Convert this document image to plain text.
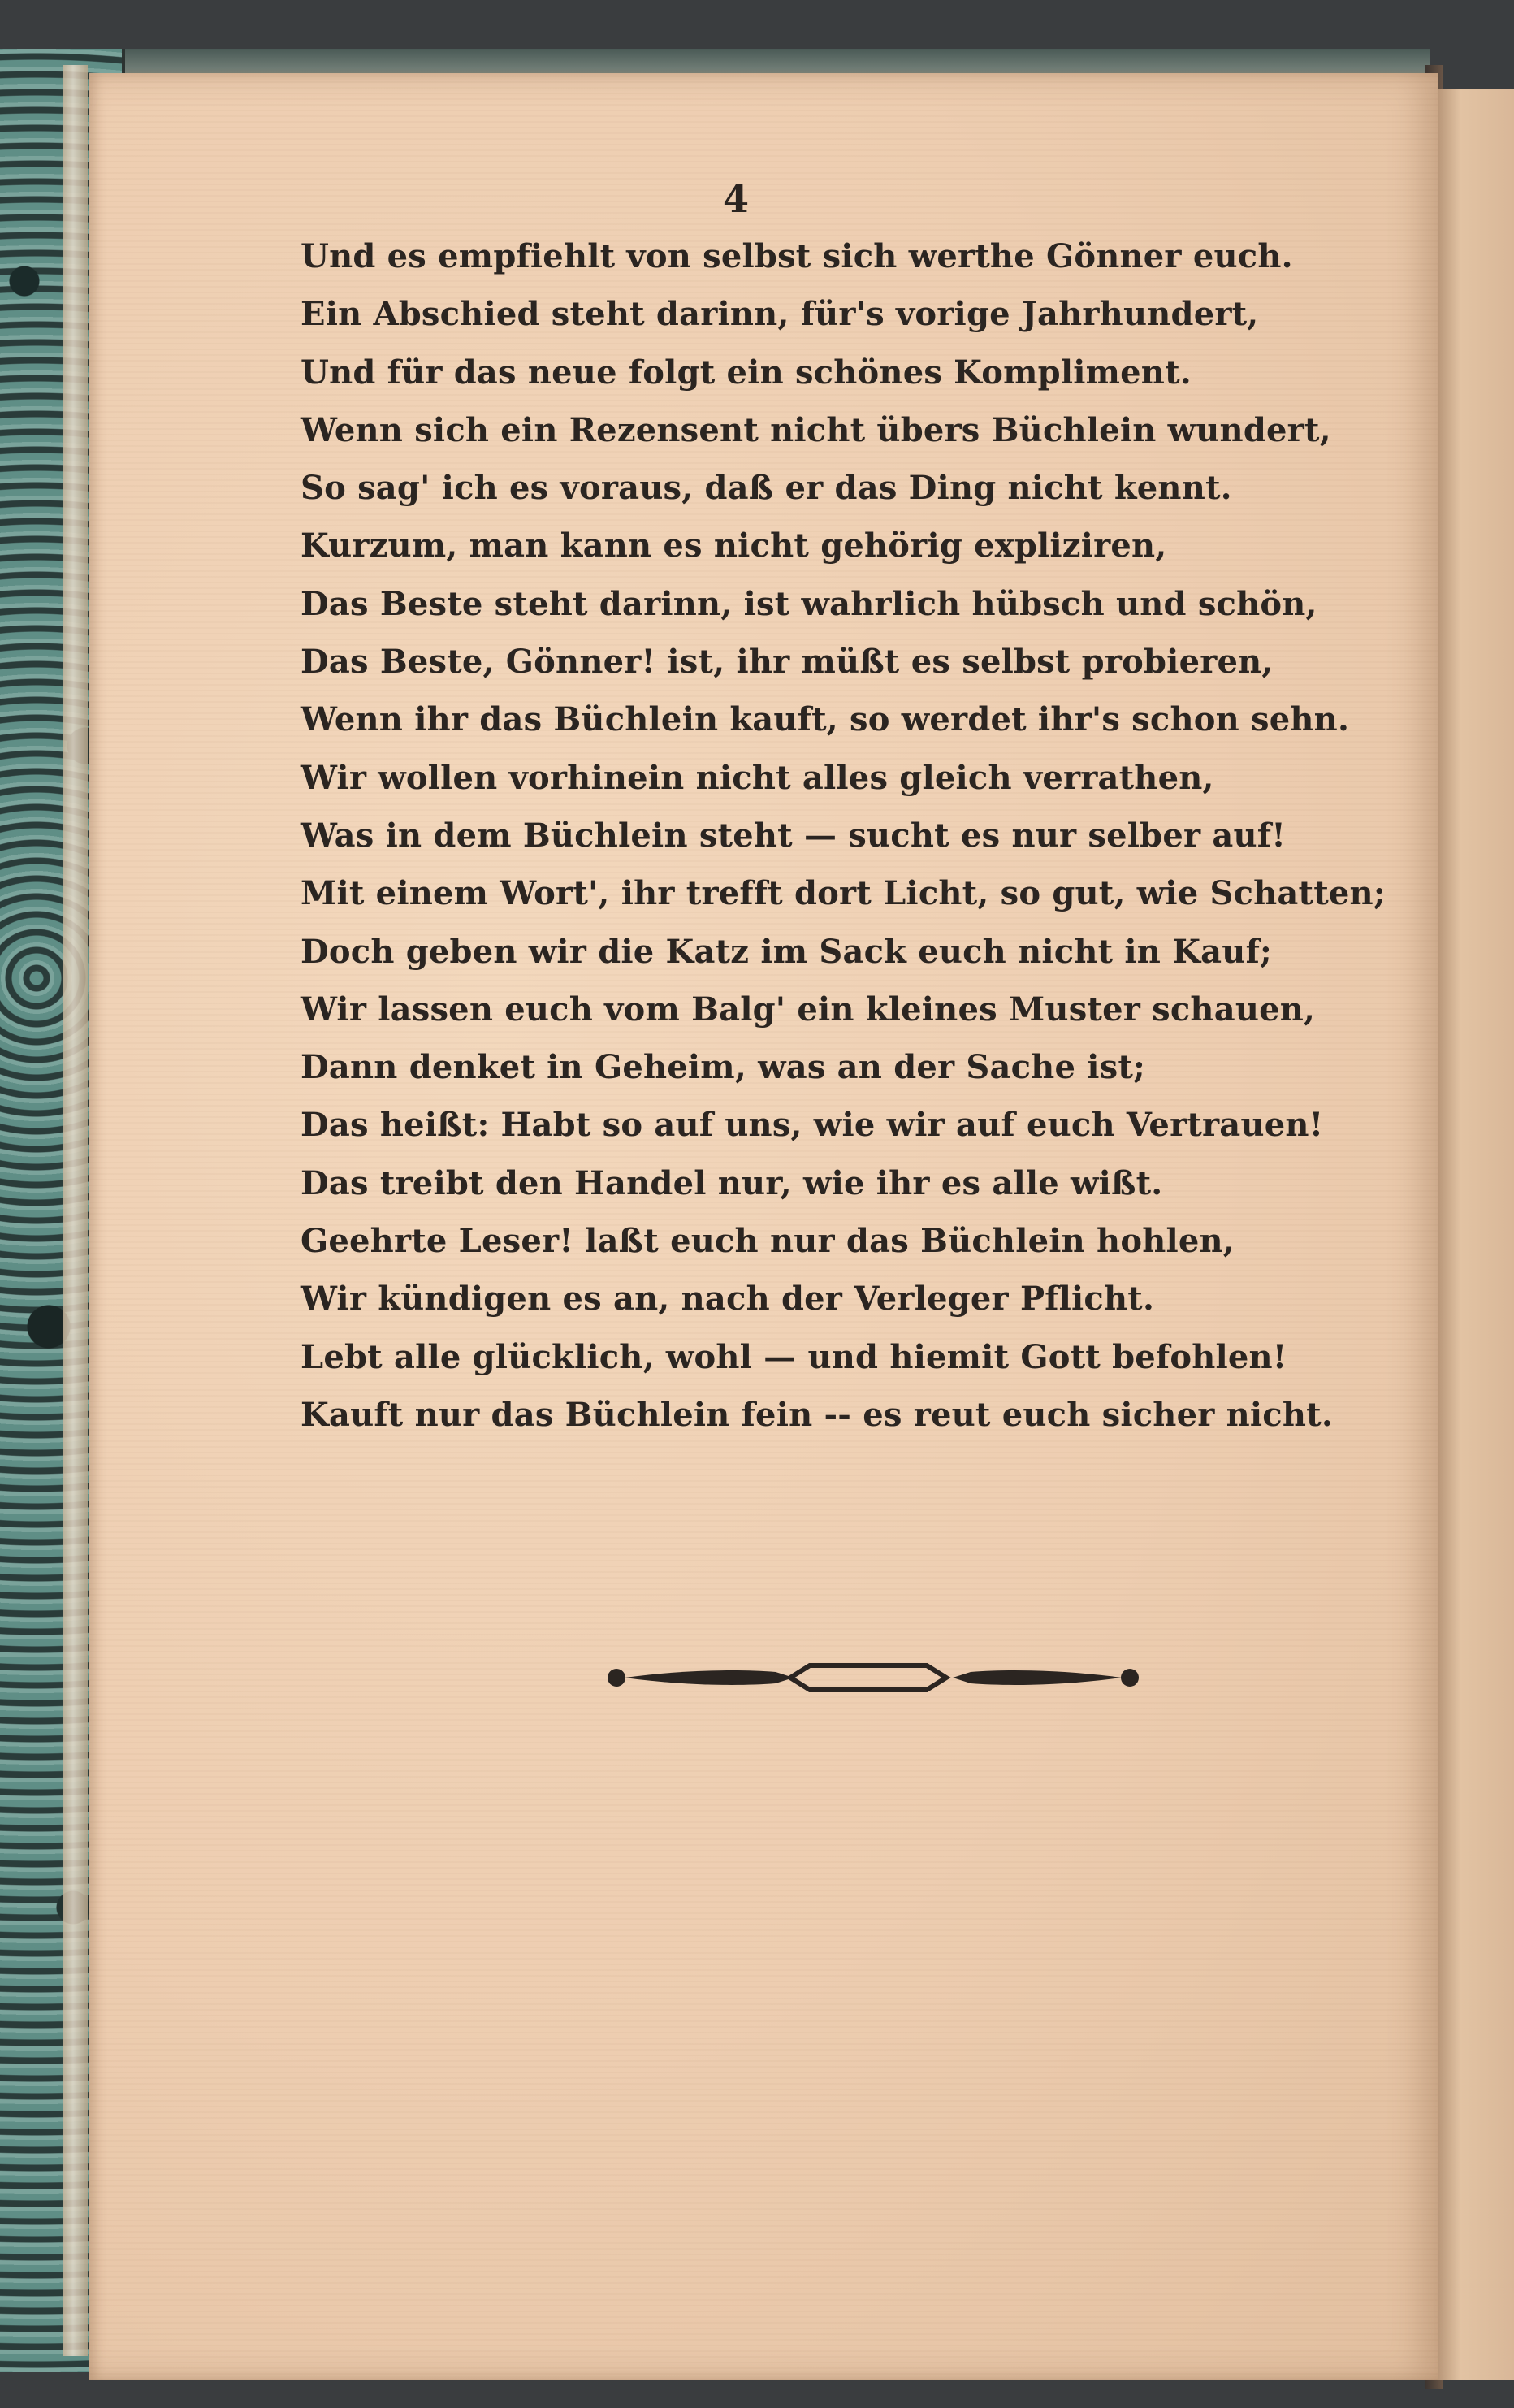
4
Und es empfiehlt von selbst sich werthe Gönner euch.
Ein Abschied steht darinn, für's vorige Jahrhundert,
Und für das neue folgt ein schönes Kompliment.
Wenn sich ein Rezensent nicht übers Büchlein wundert,
So sag' ich es voraus, daß er das Ding nicht kennt.
Kurzum, man kann es nicht gehörig expliziren,
Das Beste steht darinn, ist wahrlich hübsch und schön,
Das Beste, Gönner! ist, ihr müßt es selbst probieren,
Wenn ihr das Büchlein kauft, so werdet ihr's schon sehn.
Wir wollen vorhinein nicht alles gleich verrathen,
Was in dem Büchlein steht — sucht es nur selber auf!
Mit einem Wort', ihr trefft dort Licht, so gut, wie Schatten;
Doch geben wir die Katz im Sack euch nicht in Kauf;
Wir lassen euch vom Balg' ein kleines Muster schauen,
Dann denket in Geheim, was an der Sache ist;
Das heißt: Habt so auf uns, wie wir auf euch Vertrauen!
Das treibt den Handel nur, wie ihr es alle wißt.
Geehrte Leser! laßt euch nur das Büchlein hohlen,
Wir kündigen es an, nach der Verleger Pflicht.
Lebt alle glücklich, wohl — und hiemit Gott befohlen!
Kauft nur das Büchlein fein -- es reut euch sicher nicht.
